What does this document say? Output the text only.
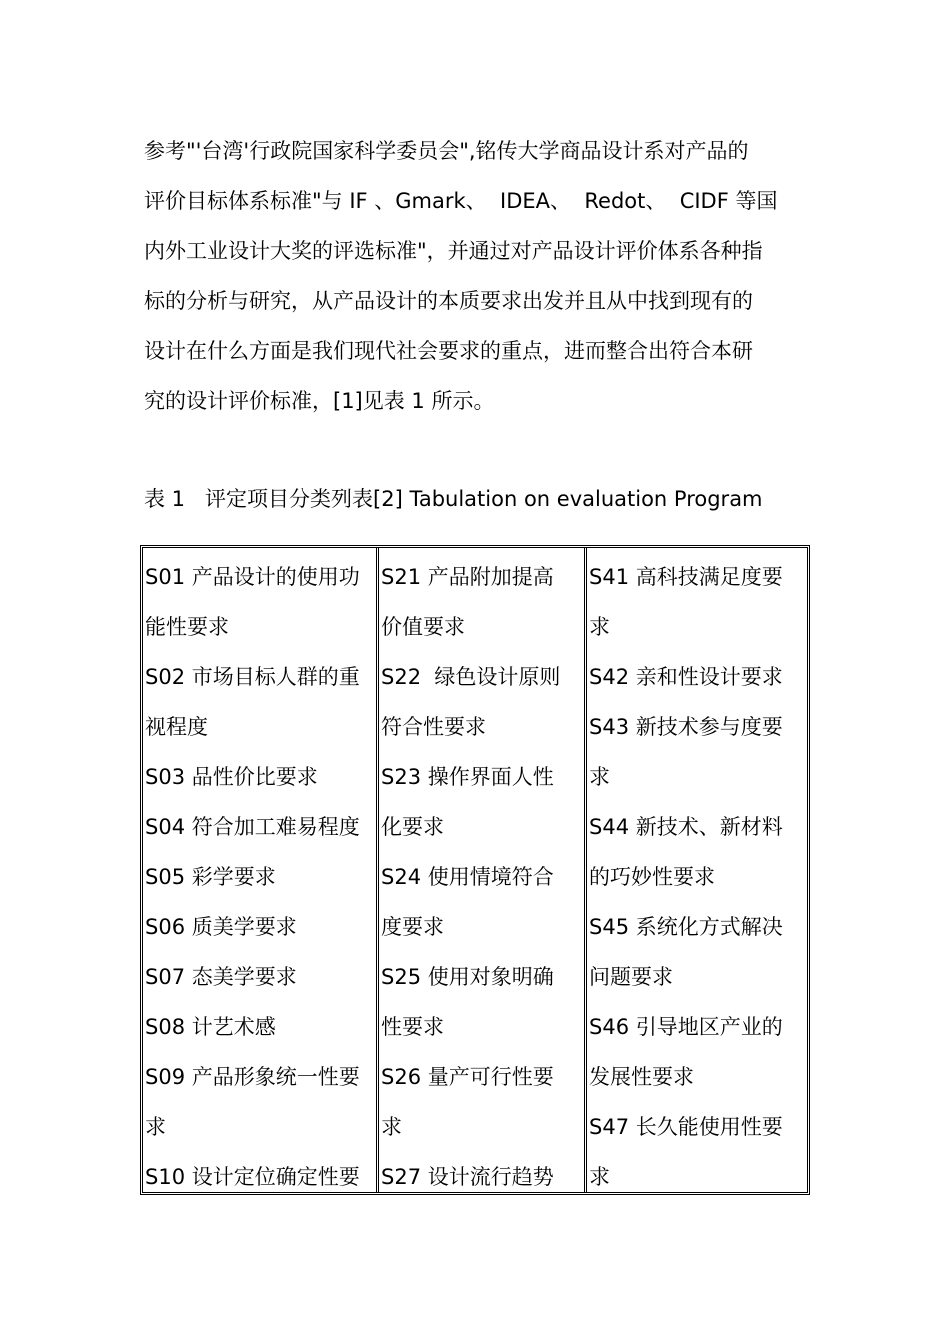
参考"'台湾'行政院国家科学委员会",铭传大学商品设计系对产品的
评价目标体系标准"与 IF 、Gmark、  IDEA、  Redot、  CIDF 等国
内外工业设计大奖的评选标准"，并通过对产品设计评价体系各种指
标的分析与研究，从产品设计的本质要求出发并且从中找到现有的
设计在什么方面是我们现代社会要求的重点，进而整合出符合本研
究的设计评价标准，[1]见表 1 所示。
表 1   评定项目分类列表[2] Tabulation on evaluation Program
S01 产品设计的使用功
能性要求
S02 市场目标人群的重
视程度
S03 品性价比要求
S04 符合加工难易程度
S05 彩学要求
S06 质美学要求
S07 态美学要求
S08 计艺术感
S09 产品形象统一性要
求
S10 设计定位确定性要
S21 产品附加提高
价值要求
S22  绿色设计原则
符合性要求
S23 操作界面人性
化要求
S24 使用情境符合
度要求
S25 使用对象明确
性要求
S26 量产可行性要
求
S27 设计流行趋势
S41 高科技满足度要
求
S42 亲和性设计要求
S43 新技术参与度要
求
S44 新技术、新材料
的巧妙性要求
S45 系统化方式解决
问题要求
S46 引导地区产业的
发展性要求
S47 长久能使用性要
求
